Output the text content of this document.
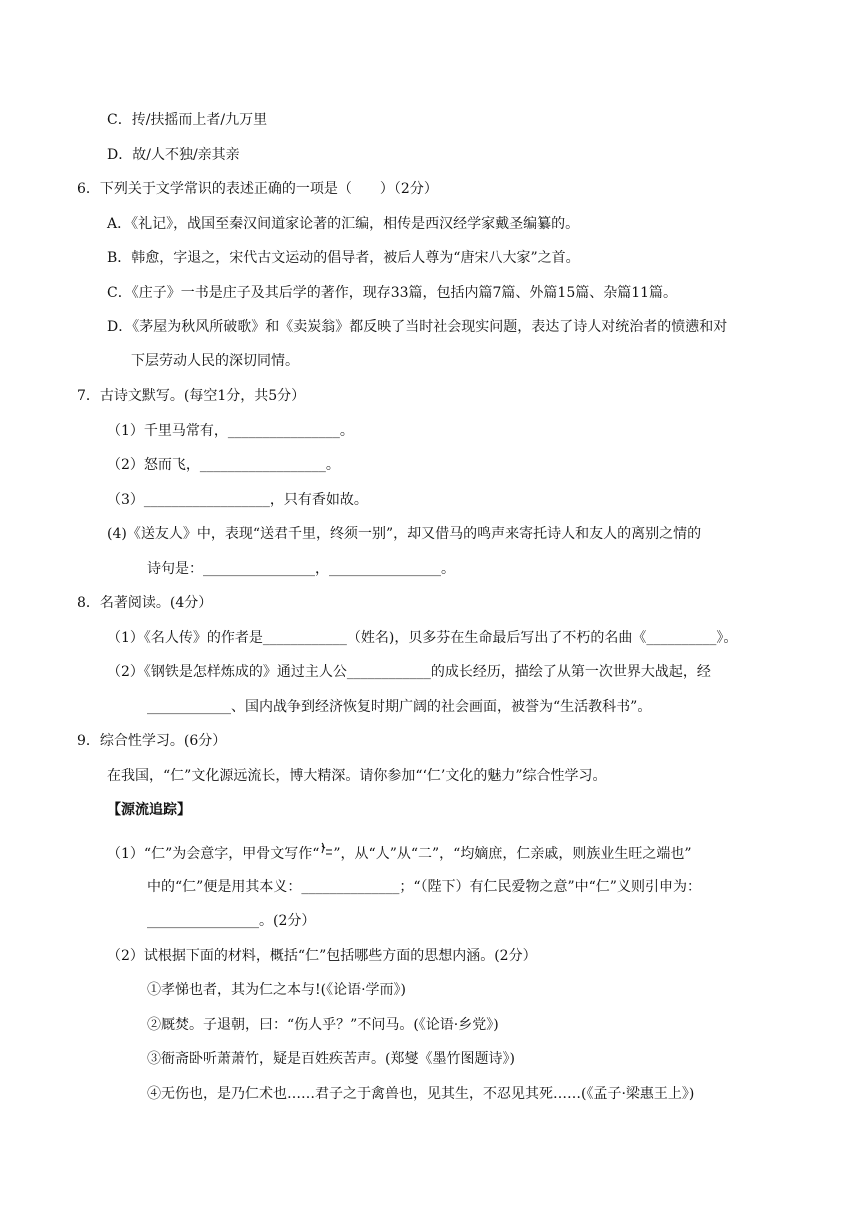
C．抟/扶摇而上者/九万里
D．故/人不独/亲其亲
6．下列关于文学常识的表述正确的一项是（　　）（2分）
A．《礼记》，战国至秦汉间道家论著的汇编，相传是西汉经学家戴圣编纂的。
B．韩愈，字退之，宋代古文运动的倡导者，被后人尊为“唐宋八大家”之首。
C．《庄子》一书是庄子及其后学的著作，现存33篇，包括内篇7篇、外篇15篇、杂篇11篇。
D．《茅屋为秋风所破歌》和《卖炭翁》都反映了当时社会现实问题，表达了诗人对统治者的愤懑和对
下层劳动人民的深切同情。
7．古诗文默写。(每空1分，共5分）
（1）千里马常有，________________。
（2）怒而飞，__________________。
（3）__________________，只有香如故。
(4)《送友人》中，表现“送君千里，终须一别”，却又借马的鸣声来寄托诗人和友人的离别之情的
诗句是：________________，________________。
8．名著阅读。(4分）
（1）《名人传》的作者是____________（姓名)，贝多芬在生命最后写出了不朽的名曲《__________》。
（2）《钢铁是怎样炼成的》通过主人公____________的成长经历，描绘了从第一次世界大战起，经
____________、国内战争到经济恢复时期广阔的社会画面，被誉为“生活教科书”。
9．综合性学习。(6分）
在我国，“仁”文化源远流长，博大精深。请你参加“‘仁’文化的魅力”综合性学习。
【源流追踪】
（1）“仁”为会意字，甲骨文写作“ ”，从“人”从“二”，“均嫡庶，仁亲戚，则族业生旺之端也”
中的“仁”便是用其本义：______________；“（陛下）有仁民爱物之意”中“仁”义则引申为：
________________。(2分）
（2）试根据下面的材料，概括“仁”包括哪些方面的思想内涵。(2分）
①孝悌也者，其为仁之本与!(《论语·学而》)
②厩焚。子退朝，曰：“伤人乎？”不问马。(《论语·乡党》)
③衙斋卧听萧萧竹，疑是百姓疾苦声。(郑燮《墨竹图题诗》)
④无伤也，是乃仁术也……君子之于禽兽也，见其生，不忍见其死……(《孟子·梁惠王上》)
